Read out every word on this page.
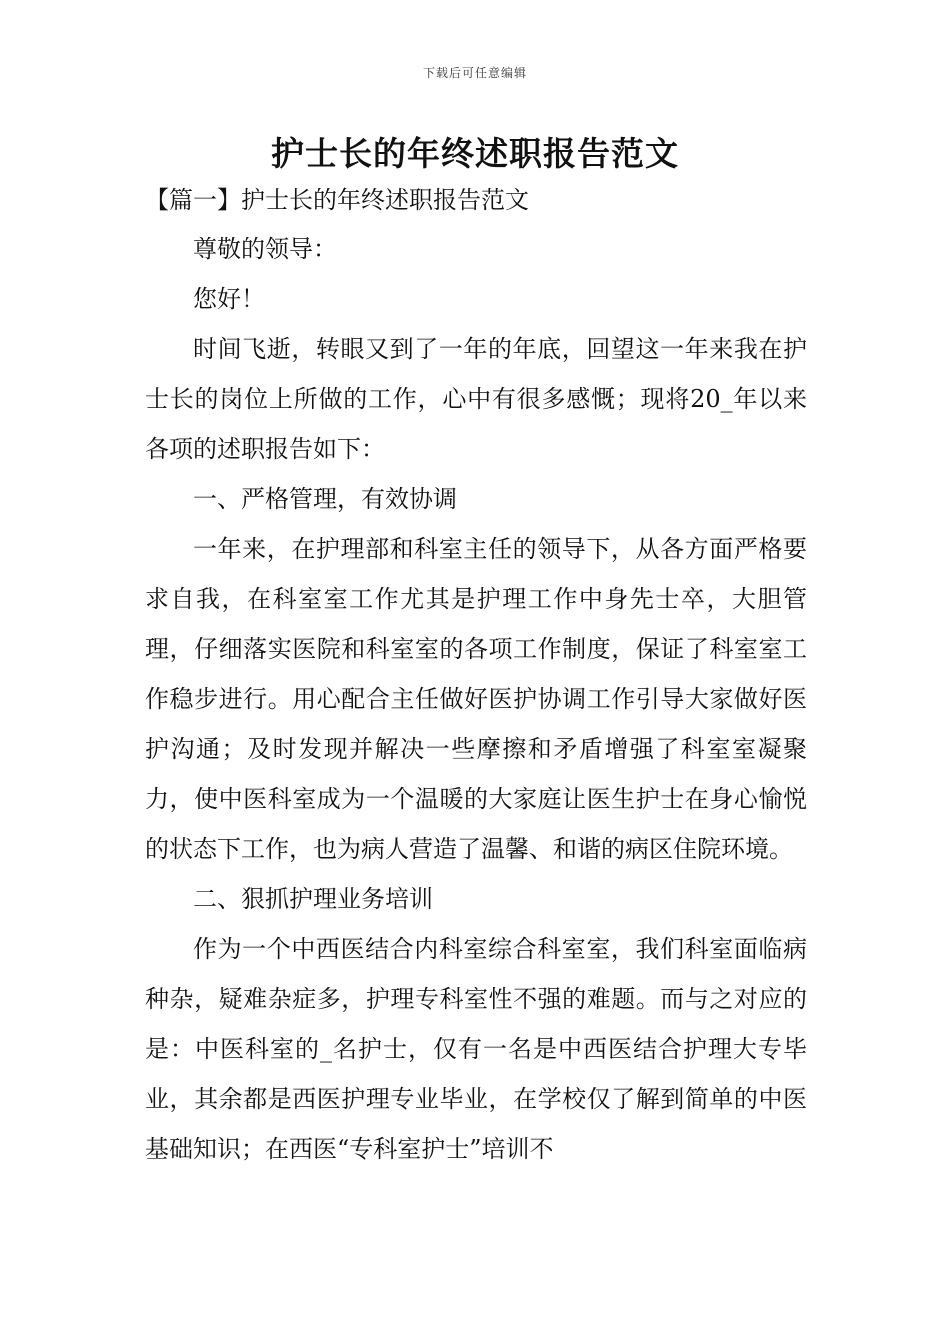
下载后可任意编辑
护士长的年终述职报告范文
【篇一】护士长的年终述职报告范文

尊敬的领导：

您好！

时间飞逝，转眼又到了一年的年底，回望这一年来我在护士长的岗位上所做的工作，心中有很多感慨；现将20_年以来各项的述职报告如下：

一、严格管理，有效协调

一年来，在护理部和科室主任的领导下，从各方面严格要求自我，在科室室工作尤其是护理工作中身先士卒，大胆管理，仔细落实医院和科室室的各项工作制度，保证了科室室工作稳步进行。用心配合主任做好医护协调工作引导大家做好医护沟通；及时发现并解决一些摩擦和矛盾增强了科室室凝聚力，使中医科室成为一个温暖的大家庭让医生护士在身心愉悦的状态下工作，也为病人营造了温馨、和谐的病区住院环境。

二、狠抓护理业务培训

作为一个中西医结合内科室综合科室室，我们科室面临病种杂，疑难杂症多，护理专科室性不强的难题。而与之对应的是：中医科室的_名护士，仅有一名是中西医结合护理大专毕业，其余都是西医护理专业毕业，在学校仅了解到简单的中医基础知识；在西医“专科室护士”培训不
